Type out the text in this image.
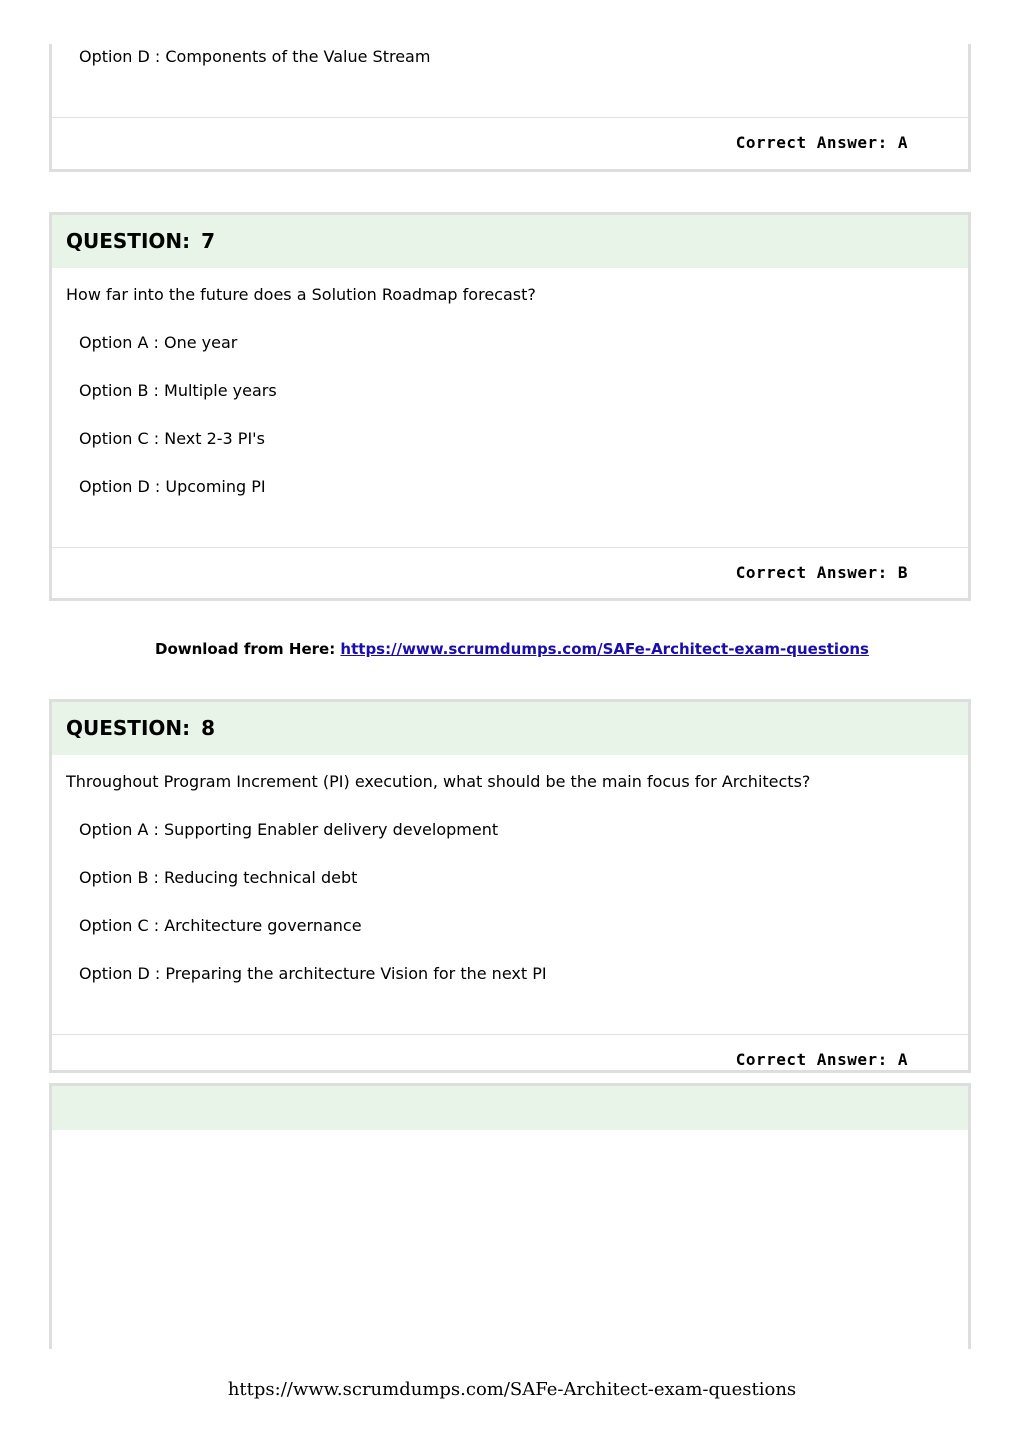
Option D : Components of the Value Stream
Correct Answer: A
QUESTION: 7
How far into the future does a Solution Roadmap forecast?
Option A : One year
Option B : Multiple years
Option C : Next 2-3 PI's
Option D : Upcoming PI
Correct Answer: B
Download from Here: https://www.scrumdumps.com/SAFe-Architect-exam-questions
QUESTION: 8
Throughout Program Increment (PI) execution, what should be the main focus for Architects?
Option A : Supporting Enabler delivery development
Option B : Reducing technical debt
Option C : Architecture governance
Option D : Preparing the architecture Vision for the next PI
Correct Answer: A
https://www.scrumdumps.com/SAFe-Architect-exam-questions
